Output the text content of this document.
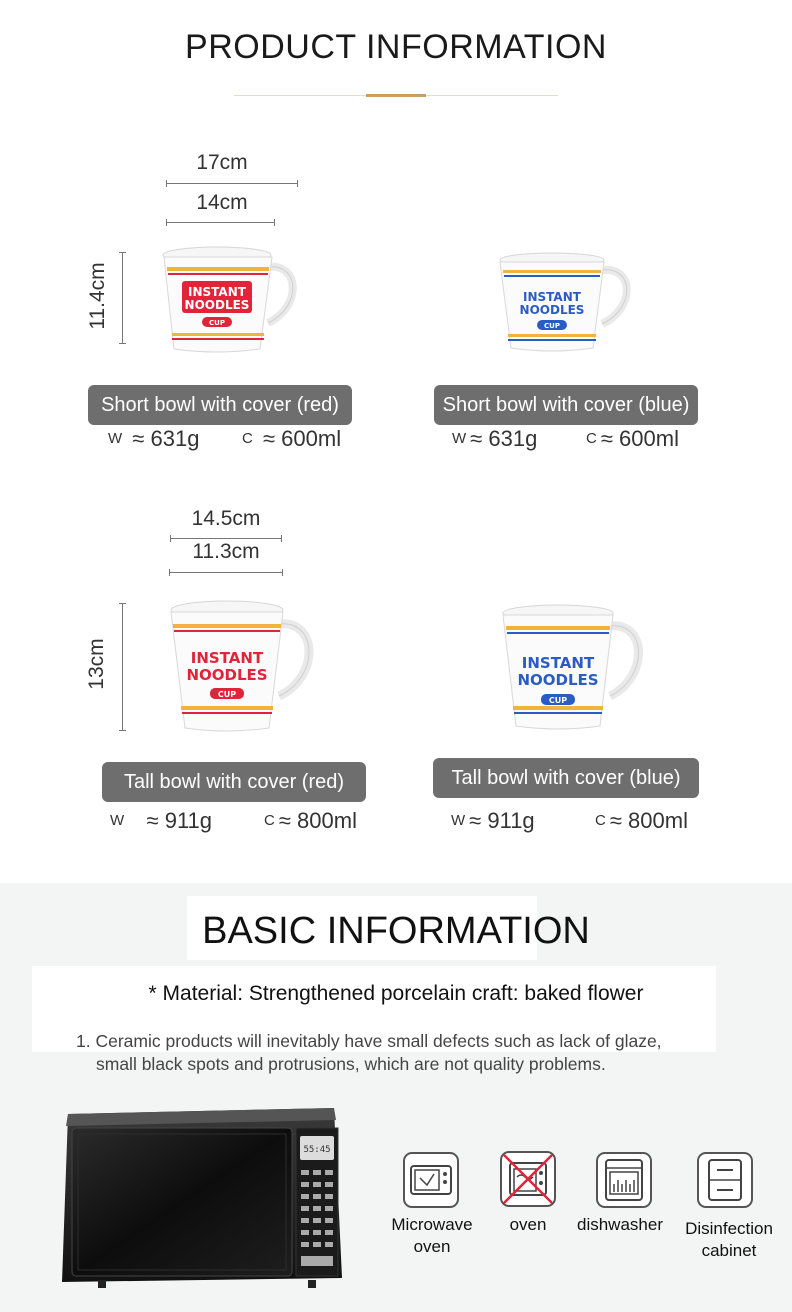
PRODUCT INFORMATION
17cm
14cm
11.4cm	INSTANT
NOODLES
CUP
INSTANT
NOODLES
CUP
Short bowl with cover (red)	Short bowl with cover (blue)
W ≈ 631g	C ≈ 600ml	W ≈ 631g	C ≈ 600ml
14.5cm
11.3cm
13cm	INSTANT
NOODLES
CUP
INSTANT
NOODLES
CUP
Tall bowl with cover (red)	Tall bowl with cover (blue)
W ≈ 911g	C ≈ 800ml	W ≈ 911g	C ≈ 800ml
BASIC INFORMATION
* Material: Strengthened porcelain craft: baked flower
1. Ceramic products will inevitably have small defects such as lack of glaze,
small black spots and protrusions, which are not quality problems.
55:45
Microwave
oven
oven	dishwasher	Disinfection
cabinet
